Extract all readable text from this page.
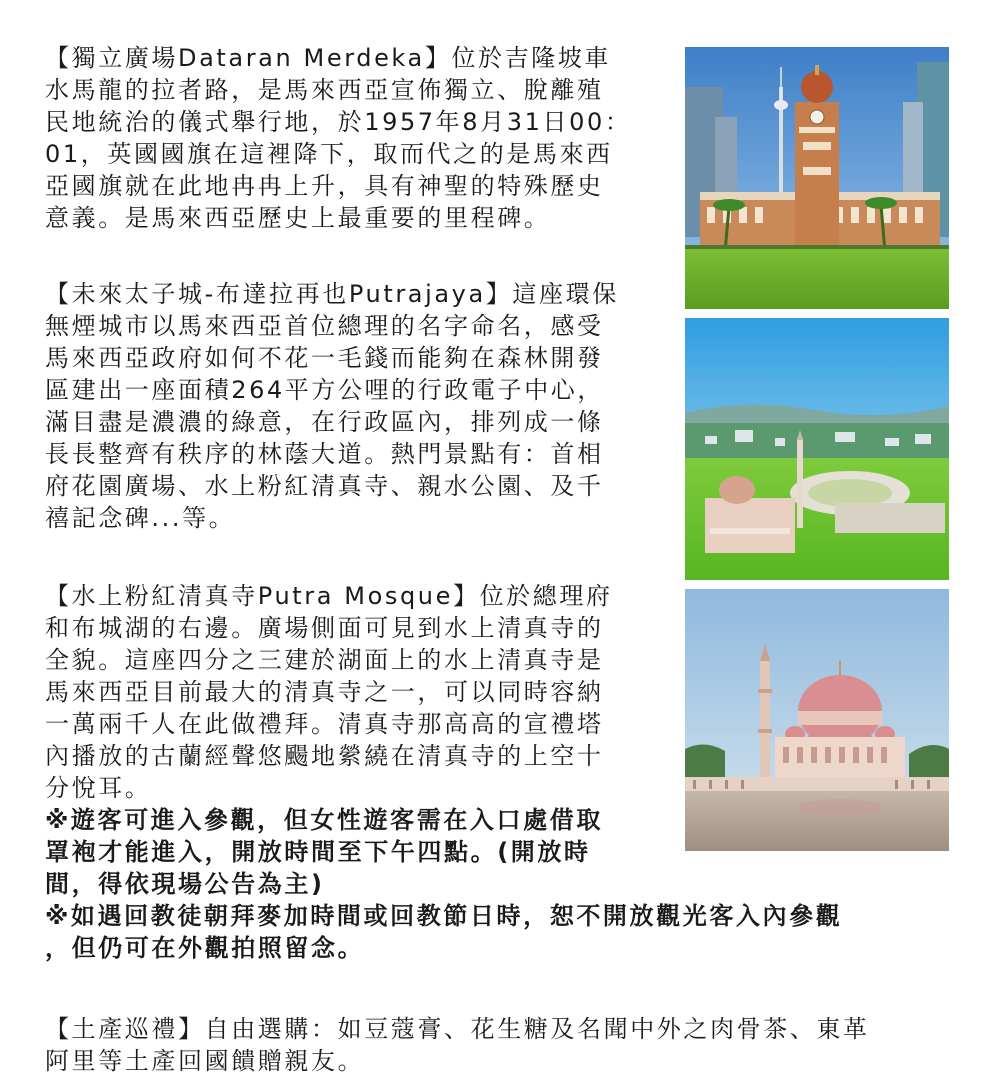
【獨立廣場Dataran Merdeka】位於吉隆坡車
水馬龍的拉者路，是馬來西亞宣佈獨立、脫離殖
民地統治的儀式舉行地，於1957年8月31日00：
01，英國國旗在這裡降下，取而代之的是馬來西
亞國旗就在此地冉冉上升，具有神聖的特殊歷史
意義。是馬來西亞歷史上最重要的里程碑。
【未來太子城-布達拉再也Putrajaya】這座環保
無煙城市以馬來西亞首位總理的名字命名，感受
馬來西亞政府如何不花一毛錢而能夠在森林開發
區建出一座面積264平方公哩的行政電子中心，
滿目盡是濃濃的綠意，在行政區內，排列成一條
長長整齊有秩序的林蔭大道。熱門景點有：首相
府花園廣場、水上粉紅清真寺、親水公園、及千
禧記念碑...等。
【水上粉紅清真寺Putra Mosque】位於總理府
和布城湖的右邊。廣場側面可見到水上清真寺的
全貌。這座四分之三建於湖面上的水上清真寺是
馬來西亞目前最大的清真寺之一，可以同時容納
一萬兩千人在此做禮拜。清真寺那高高的宣禮塔
內播放的古蘭經聲悠颺地縈繞在清真寺的上空十
分悅耳。
※遊客可進入參觀，但女性遊客需在入口處借取
罩袍才能進入，開放時間至下午四點。(開放時
間，得依現場公告為主)
※如遇回教徒朝拜麥加時間或回教節日時，恕不開放觀光客入內參觀
，但仍可在外觀拍照留念。
【土產巡禮】自由選購：如豆蔻膏、花生糖及名聞中外之肉骨茶、東革
阿里等土產回國饋贈親友。
